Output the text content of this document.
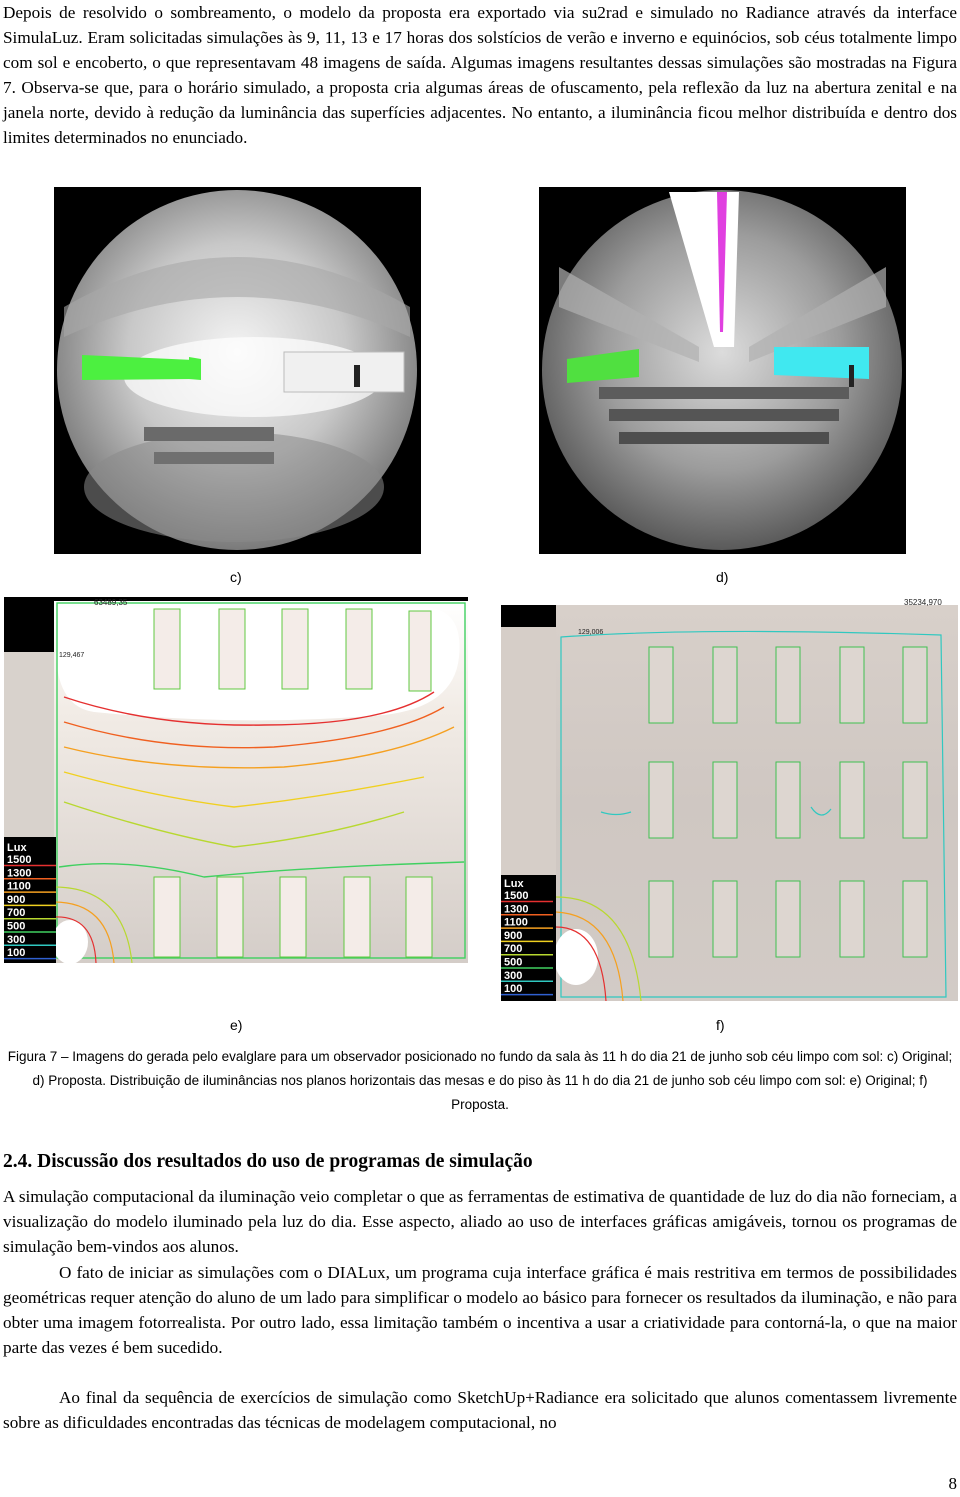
Depois de resolvido o sombreamento, o modelo da proposta era exportado via su2rad e simulado no Radiance através da interface SimulaLuz. Eram solicitadas simulações às 9, 11, 13 e 17 horas dos solstícios de verão e inverno e equinócios, sob céus totalmente limpo com sol e encoberto, o que representavam 48 imagens de saída. Algumas imagens resultantes dessas simulações são mostradas na Figura 7. Observa-se que, para o horário simulado, a proposta cria algumas áreas de ofuscamento, pela reflexão da luz na abertura zenital e na janela norte, devido à redução da luminância das superfícies adjacentes. No entanto, a iluminância ficou melhor distribuída e dentro dos limites determinados no enunciado.

c)	d)
63489,35
129,467
Lux
1500
1300
1100
900
700
500
300
100
35234,970
129,006
Lux
1500
1300
1100
900
700
500
300
100
e)	f)
Figura 7 – Imagens do gerada pelo evalglare para um observador posicionado no fundo da sala às 11 h do dia 21 de junho sob céu limpo com sol: c) Original; d) Proposta. Distribuição de iluminâncias nos planos horizontais das mesas e do piso às 11 h do dia 21 de junho sob céu limpo com sol: e) Original; f) Proposta.
2.4. Discussão dos resultados do uso de programas de simulação

A simulação computacional da iluminação veio completar o que as ferramentas de estimativa de quantidade de luz do dia não forneciam, a visualização do modelo iluminado pela luz do dia. Esse aspecto, aliado ao uso de interfaces gráficas amigáveis, tornou os programas de simulação bem-vindos aos alunos.

O fato de iniciar as simulações com o DIALux, um programa cuja interface gráfica é mais restritiva em termos de possibilidades geométricas requer atenção do aluno de um lado para simplificar o modelo ao básico para fornecer os resultados da iluminação, e não para obter uma imagem fotorrealista. Por outro lado, essa limitação também o incentiva a usar a criatividade para contorná-la, o que na maior parte das vezes é bem sucedido.

Ao final da sequência de exercícios de simulação como SketchUp+Radiance era solicitado que alunos comentassem livremente sobre as dificuldades encontradas das técnicas de modelagem computacional, no

8
